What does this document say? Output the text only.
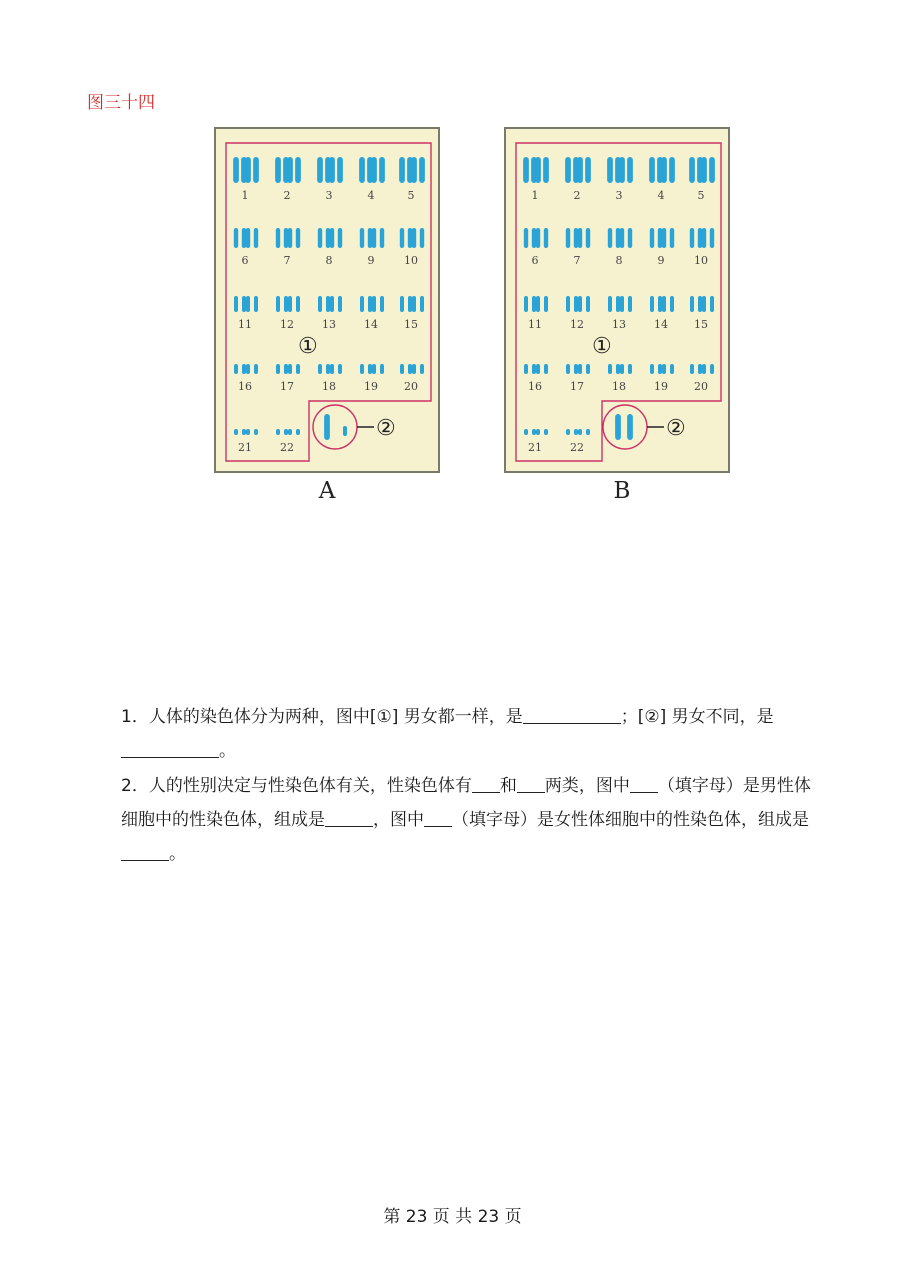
图三十四
1	2	3	4	5
6	7	8	9	10
11	12	13	14 15
16	17	18	19 20
21	22
①
②
A
1	2	3	4	5
6	7	8	9	10
11	12	13	14 15
16	17	18	19 20
21	22
①
②
B
1．人体的染色体分为两种，图中[①] 男女都一样，是	；[②] 男女不同，是。
2．人的性别决定与性染色体有关，性染色体有 和 两类，图中 （填字母）是男性体细胞中的性染色体，组成是	，图中 （填字母）是女性体细胞中的性染色体，组成是。
第 23 页 共 23 页
